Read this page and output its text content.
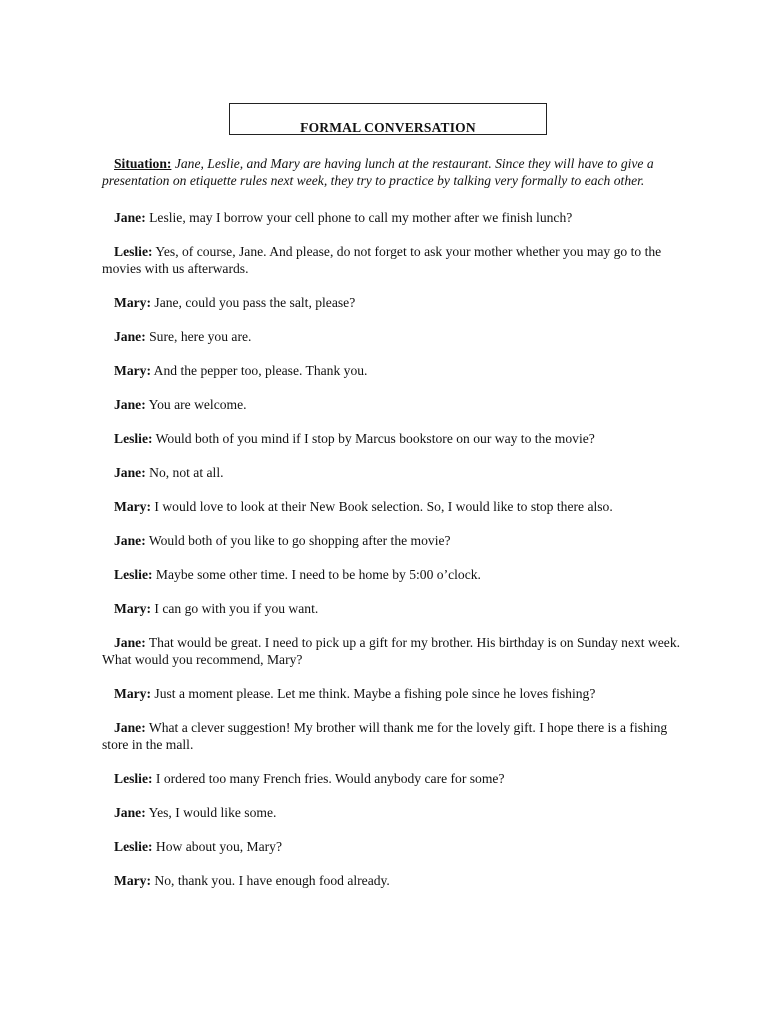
FORMAL CONVERSATION

Situation: Jane, Leslie, and Mary are having lunch at the restaurant. Since they will have to give a presentation on etiquette rules next week, they try to practice by talking very formally to each other.

Jane: Leslie, may I borrow your cell phone to call my mother after we finish lunch?

Leslie: Yes, of course, Jane. And please, do not forget to ask your mother whether you may go to the movies with us afterwards.

Mary: Jane, could you pass the salt, please?

Jane: Sure, here you are.

Mary: And the pepper too, please. Thank you.

Jane: You are welcome.

Leslie: Would both of you mind if I stop by Marcus bookstore on our way to the movie?

Jane: No, not at all.

Mary: I would love to look at their New Book selection. So, I would like to stop there also.

Jane: Would both of you like to go shopping after the movie?

Leslie: Maybe some other time. I need to be home by 5:00 o’clock.

Mary: I can go with you if you want.

Jane: That would be great. I need to pick up a gift for my brother. His birthday is on Sunday next week. What would you recommend, Mary?

Mary: Just a moment please. Let me think. Maybe a fishing pole since he loves fishing?

Jane: What a clever suggestion! My brother will thank me for the lovely gift. I hope there is a fishing store in the mall.

Leslie: I ordered too many French fries. Would anybody care for some?

Jane: Yes, I would like some.

Leslie: How about you, Mary?

Mary: No, thank you. I have enough food already.
